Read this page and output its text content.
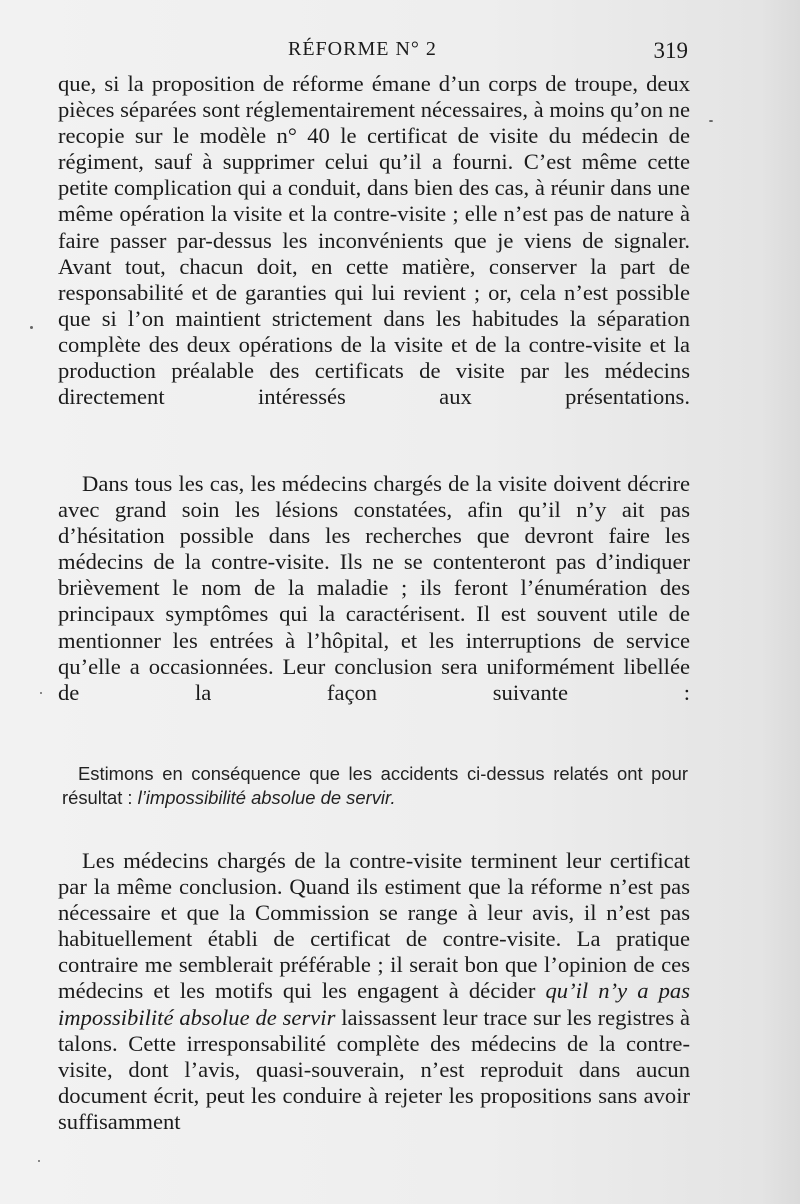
RÉFORME N° 2	319

que, si la proposition de réforme émane d’un corps de troupe, deux pièces séparées sont réglementairement nécessaires, à moins qu’on ne recopie sur le modèle n° 40 le certificat de visite du médecin de régiment, sauf à supprimer celui qu’il a fourni. C’est même cette petite complication qui a conduit, dans bien des cas, à réunir dans une même opération la visite et la contre-visite ; elle n’est pas de nature à faire passer par-dessus les inconvénients que je viens de signaler. Avant tout, chacun doit, en cette matière, conserver la part de responsabilité et de garanties qui lui revient ; or, cela n’est possible que si l’on maintient strictement dans les habitudes la séparation complète des deux opérations de la visite et de la contre-visite et la production préalable des certificats de visite par les médecins directement intéressés aux présentations.

Dans tous les cas, les médecins chargés de la visite doivent décrire avec grand soin les lésions constatées, afin qu’il n’y ait pas d’hésitation possible dans les recherches que devront faire les médecins de la contre-visite. Ils ne se contenteront pas d’indiquer brièvement le nom de la maladie ; ils feront l’énumération des principaux symptômes qui la caractérisent. Il est souvent utile de mentionner les entrées à l’hôpital, et les interruptions de service qu’elle a occasionnées. Leur conclusion sera uniformément libellée de la façon suivante :

Estimons en conséquence que les accidents ci-dessus relatés ont pour résultat : l’impossibilité absolue de servir.

Les médecins chargés de la contre-visite terminent leur certificat par la même conclusion. Quand ils estiment que la réforme n’est pas nécessaire et que la Commission se range à leur avis, il n’est pas habituellement établi de certificat de contre-visite. La pratique contraire me semblerait préférable ; il serait bon que l’opinion de ces médecins et les motifs qui les engagent à décider qu’il n’y a pas impossibilité absolue de servir laissassent leur trace sur les registres à talons. Cette irresponsabilité complète des médecins de la contre-visite, dont l’avis, quasi-souverain, n’est reproduit dans aucun document écrit, peut les conduire à rejeter les propositions sans avoir suffisamment
